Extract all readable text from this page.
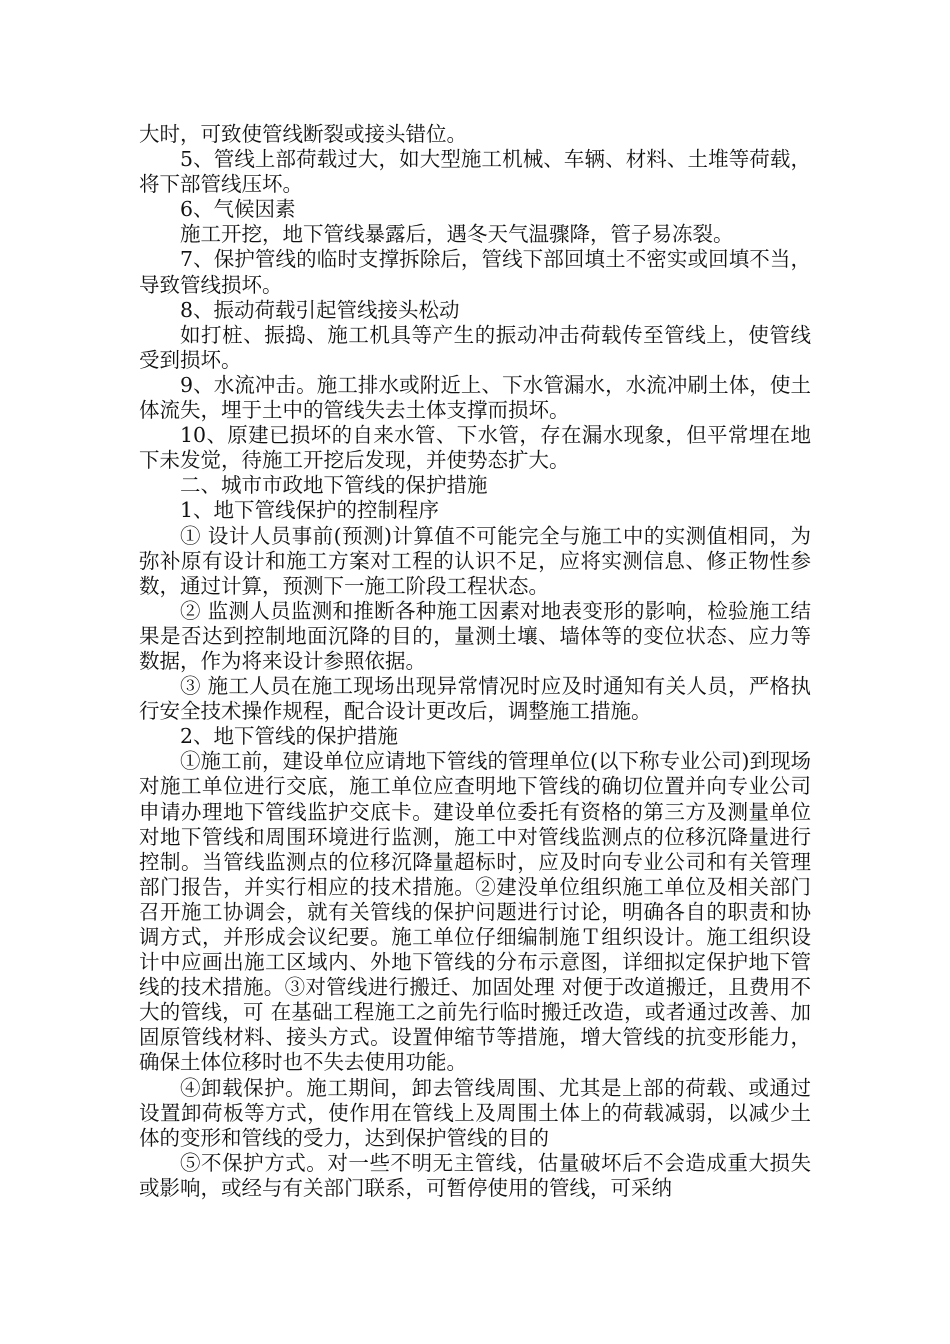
大时，可致使管线断裂或接头错位。

5、管线上部荷载过大，如大型施工机械、车辆、材料、土堆等荷载，将下部管线压坏。

6、气候因素

施工开挖，地下管线暴露后，遇冬天气温骤降，管子易冻裂。

7、保护管线的临时支撑拆除后，管线下部回填土不密实或回填不当，导致管线损坏。

8、振动荷载引起管线接头松动

如打桩、振捣、施工机具等产生的振动冲击荷载传至管线上，使管线受到损坏。

9、水流冲击。施工排水或附近上、下水管漏水，水流冲刷土体，使土体流失，埋于土中的管线失去土体支撑而损坏。

10、原建已损坏的自来水管、下水管，存在漏水现象，但平常埋在地下未发觉，待施工开挖后发现，并使势态扩大。

二、城市市政地下管线的保护措施

1、地下管线保护的控制程序

① 设计人员事前(预测)计算值不可能完全与施工中的实测值相同，为弥补原有设计和施工方案对工程的认识不足，应将实测信息、修正物性参数，通过计算，预测下一施工阶段工程状态。

② 监测人员监测和推断各种施工因素对地表变形的影响，检验施工结果是否达到控制地面沉降的目的，量测土壤、墙体等的变位状态、应力等数据，作为将来设计参照依据。

③ 施工人员在施工现场出现异常情况时应及时通知有关人员，严格执行安全技术操作规程，配合设计更改后，调整施工措施。

2、地下管线的保护措施

①施工前，建设单位应请地下管线的管理单位(以下称专业公司)到现场对施工单位进行交底，施工单位应查明地下管线的确切位置并向专业公司申请办理地下管线监护交底卡。建设单位委托有资格的第三方及测量单位对地下管线和周围环境进行监测，施工中对管线监测点的位移沉降量进行控制。当管线监测点的位移沉降量超标时，应及时向专业公司和有关管理部门报告，并实行相应的技术措施。②建没单位组织施工单位及相关部门召开施工协调会，就有关管线的保护问题进行讨论，明确各自的职责和协调方式，并形成会议纪要。施工单位仔细编制施Ｔ组织设计。施工组织设计中应画出施工区域内、外地下管线的分布示意图，详细拟定保护地下管线的技术措施。③对管线进行搬迁、加固处理 对便于改道搬迁，且费用不大的管线，可 在基础工程施工之前先行临时搬迁改造，或者通过改善、加固原管线材料、接头方式。设置伸缩节等措施，增大管线的抗变形能力， 确保土体位移时也不失去使用功能。

④卸载保护。施工期间，卸去管线周围、尤其是上部的荷载、或通过设置卸荷板等方式，使作用在管线上及周围土体上的荷载减弱，以减少土体的变形和管线的受力，达到保护管线的目的

⑤不保护方式。对一些不明无主管线，估量破坏后不会造成重大损失或影响，或经与有关部门联系，可暂停使用的管线，可采纳
